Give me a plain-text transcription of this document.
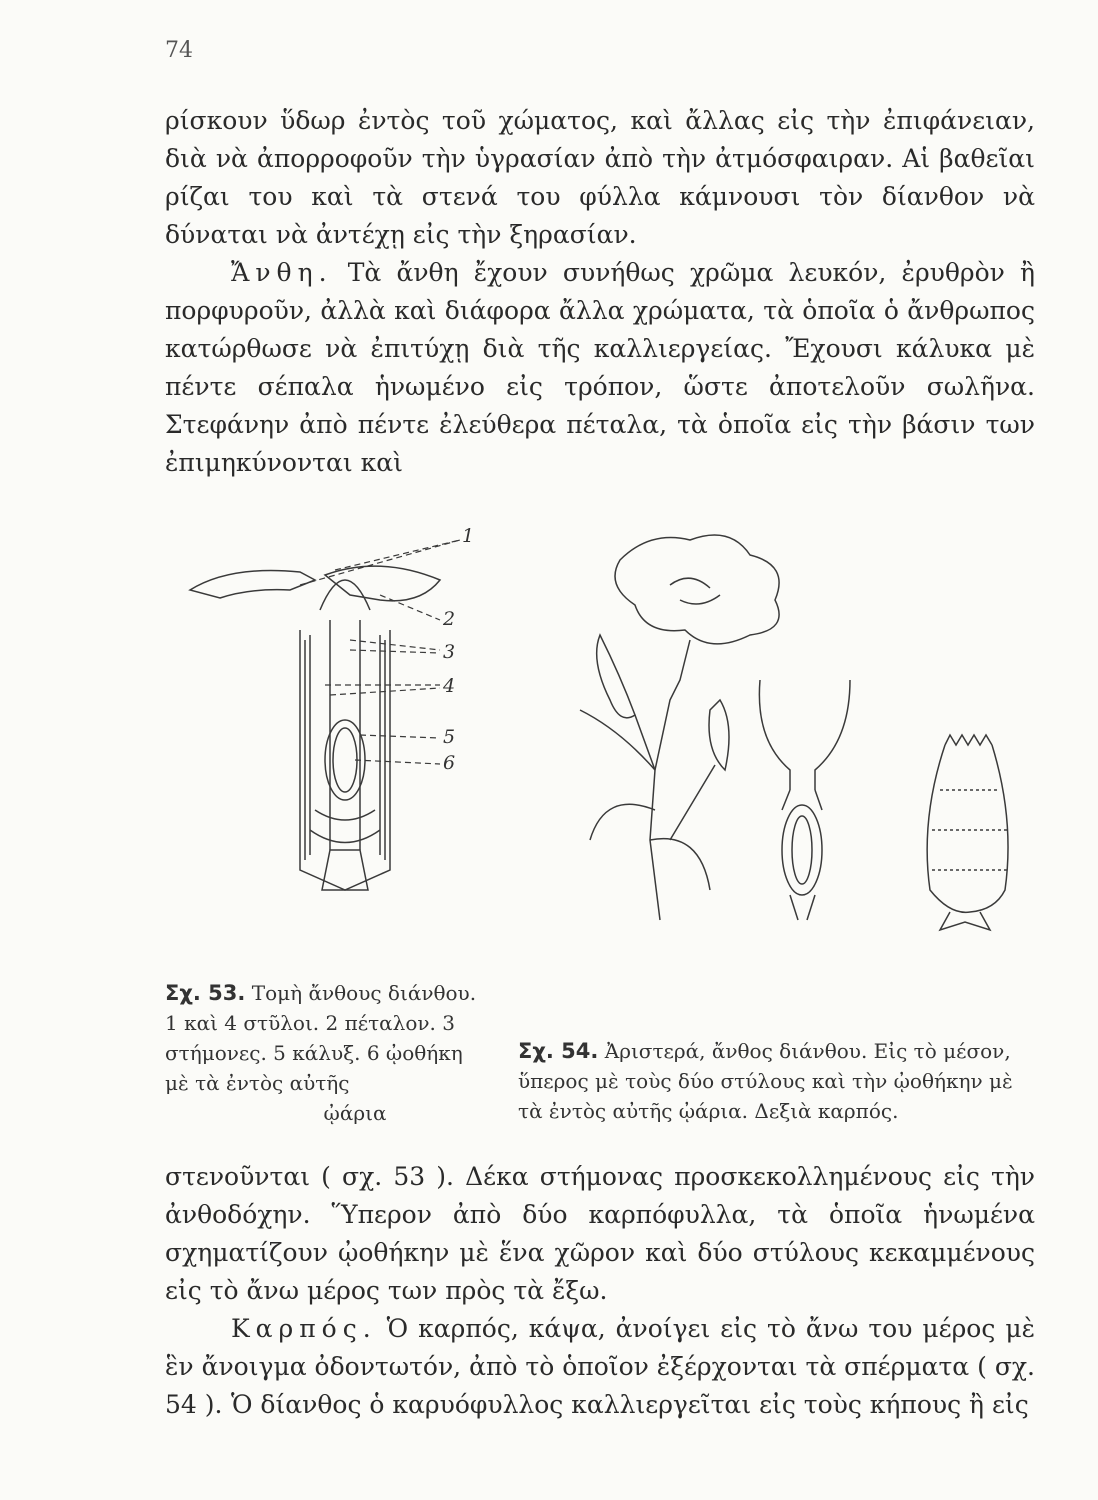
74

ρίσκουν ὕδωρ ἐντὸς τοῦ χώματος, καὶ ἄλλας εἰς τὴν ἐπιφάνειαν, διὰ νὰ ἀπορροφοῦν τὴν ὑγρασίαν ἀπὸ τὴν ἀτμόσφαιραν. Αἱ βαθεῖαι ρίζαι του καὶ τὰ στενά του φύλλα κάμνουσι τὸν δίανθον νὰ δύναται νὰ ἀντέχῃ εἰς τὴν ξηρασίαν.

Ἄνθη. Τὰ ἄνθη ἔχουν συνήθως χρῶμα λευκόν, ἐρυθρὸν ἢ πορφυροῦν, ἀλλὰ καὶ διάφορα ἄλλα χρώματα, τὰ ὁποῖα ὁ ἄνθρωπος κατώρθωσε νὰ ἐπιτύχῃ διὰ τῆς καλλιεργείας. Ἔχουσι κάλυκα μὲ πέντε σέπαλα ἡνωμένο εἰς τρόπον, ὥστε ἀποτελοῦν σωλῆνα. Στεφάνην ἀπὸ πέντε ἐλεύθερα πέταλα, τὰ ὁποῖα εἰς τὴν βάσιν των ἐπιμηκύνονται καὶ

1
2
3
4
5
6

Σχ. 53. Τομὴ ἄνθους διάνθου. 1 καὶ 4 στῦλοι. 2 πέταλον. 3 στήμονες. 5 κάλυξ. 6 ᾠοθήκη μὲ τὰ ἐντὸς αὐτῆς
ᾠάρια

Σχ. 54. Ἀριστερά, ἄνθος διάνθου. Εἰς τὸ μέσον, ὕπερος μὲ τοὺς δύο στύλους καὶ τὴν ᾠοθήκην μὲ τὰ ἐντὸς αὐτῆς ᾠάρια. Δεξιὰ καρπός.

στενοῦνται ( σχ. 53 ). Δέκα στήμονας προσκεκολλημένους εἰς τὴν ἀνθοδόχην. Ὕπερον ἀπὸ δύο καρπόφυλλα, τὰ ὁποῖα ἡνωμένα σχηματίζουν ᾠοθήκην μὲ ἕνα χῶρον καὶ δύο στύλους κεκαμμένους εἰς τὸ ἄνω μέρος των πρὸς τὰ ἔξω.

Καρπός. Ὁ καρπός, κάψα, ἀνοίγει εἰς τὸ ἄνω του μέρος μὲ ἓν ἄνοιγμα ὀδοντωτόν, ἀπὸ τὸ ὁποῖον ἐξέρχονται τὰ σπέρματα ( σχ. 54 ). Ὁ δίανθος ὁ καρυόφυλλος καλλιεργεῖται εἰς τοὺς κήπους ἢ εἰς
